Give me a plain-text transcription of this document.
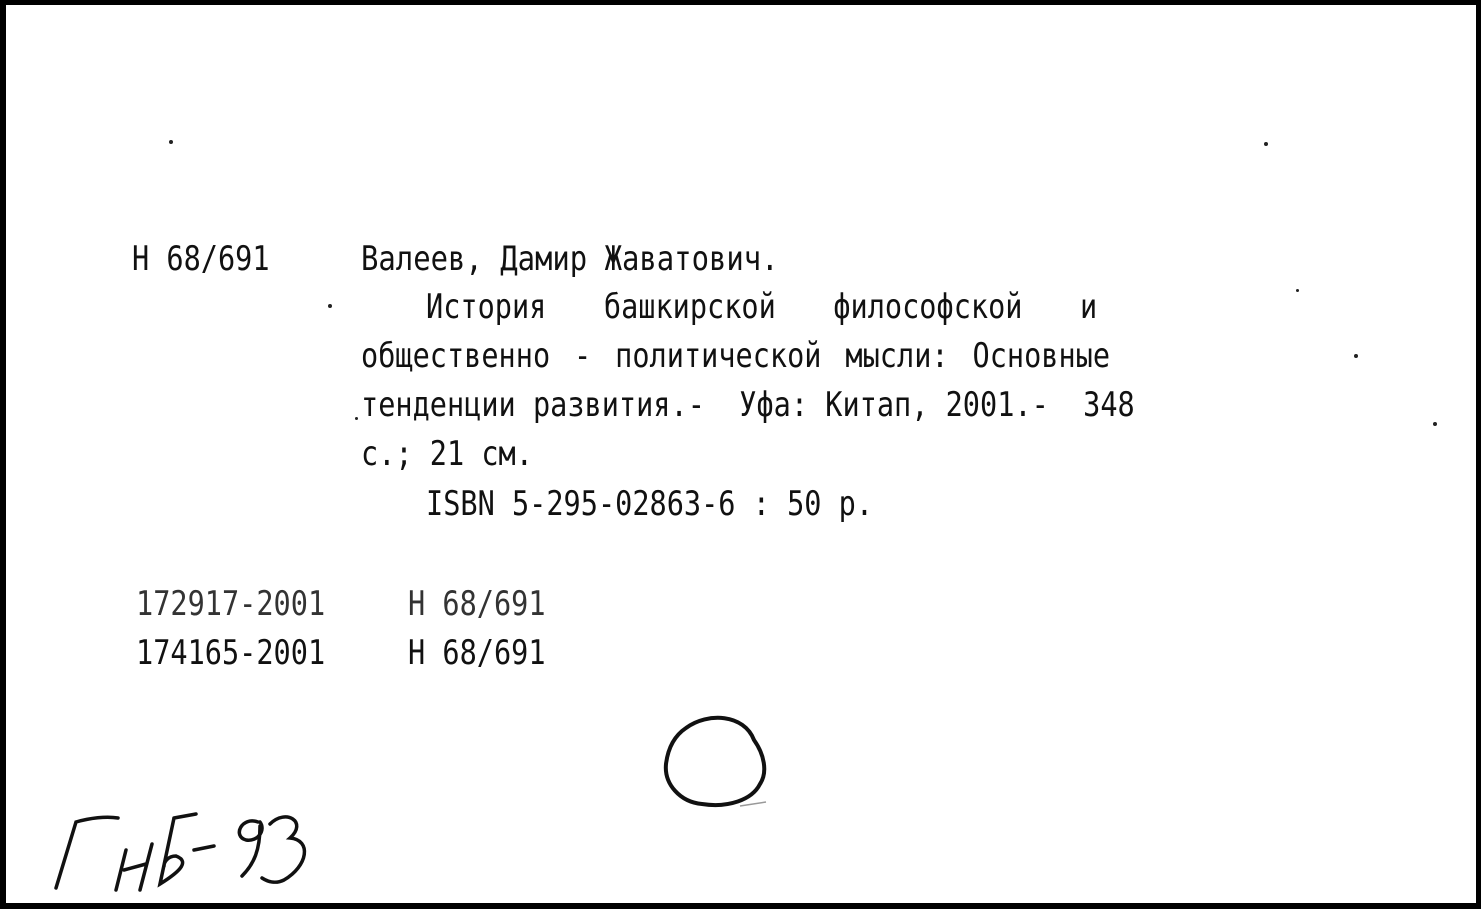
Н 68/691	Валеев, Дамир Жаватович.
История башкирской философской и
общественно - политической мысли: Основные
тенденции развития.-  Уфа: Китап, 2001.-  348
с.; 21 см.
ISBN 5-295-02863-6 : 50 р.
172917-2001 Н 68/691
174165-2001 Н 68/691
